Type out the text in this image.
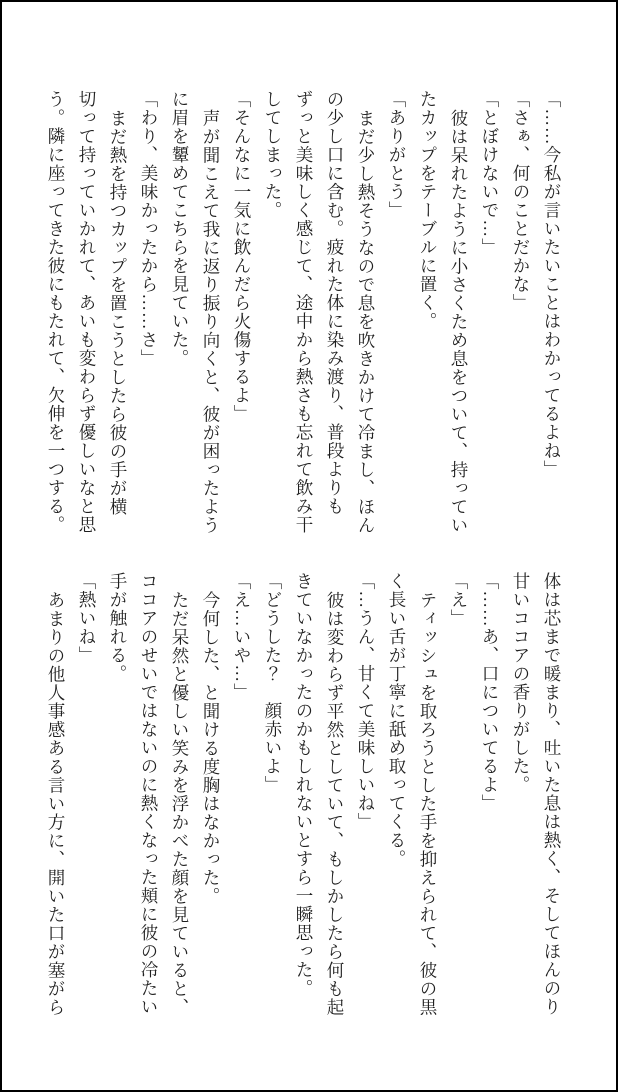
「……今私が言いたいことはわかってるよね」

「さぁ、何のことだかな」

「とぼけないで…」

彼は呆れたように小さくため息をついて、持っていたカップをテーブルに置く。

「ありがとう」

まだ少し熱そうなので息を吹きかけて冷まし、ほんの少し口に含む。疲れた体に染み渡り、普段よりもずっと美味しく感じて、途中から熱さも忘れて飲み干してしまった。

「そんなに一気に飲んだら火傷するよ」

声が聞こえて我に返り振り向くと、彼が困ったように眉を顰めてこちらを見ていた。

「わり、美味かったから……さ」

まだ熱を持つカップを置こうとしたら彼の手が横切って持っていかれて、あいも変わらず優しいなと思う。隣に座ってきた彼にもたれて、欠伸を一つする。

体は芯まで暖まり、吐いた息は熱く、そしてほんのり甘いココアの香りがした。

「……あ、口についてるよ」

「え」

ティッシュを取ろうとした手を抑えられて、彼の黒く長い舌が丁寧に舐め取ってくる。

「…うん、甘くて美味しいね」

彼は変わらず平然としていて、もしかしたら何も起きていなかったのかもしれないとすら一瞬思った。

「どうした？　顔赤いよ」

「え…いや…」

今何した、と聞ける度胸はなかった。

ただ呆然と優しい笑みを浮かべた顔を見ていると、ココアのせいではないのに熱くなった頬に彼の冷たい手が触れる。

「熱いね」

あまりの他人事感ある言い方に、開いた口が塞がら
